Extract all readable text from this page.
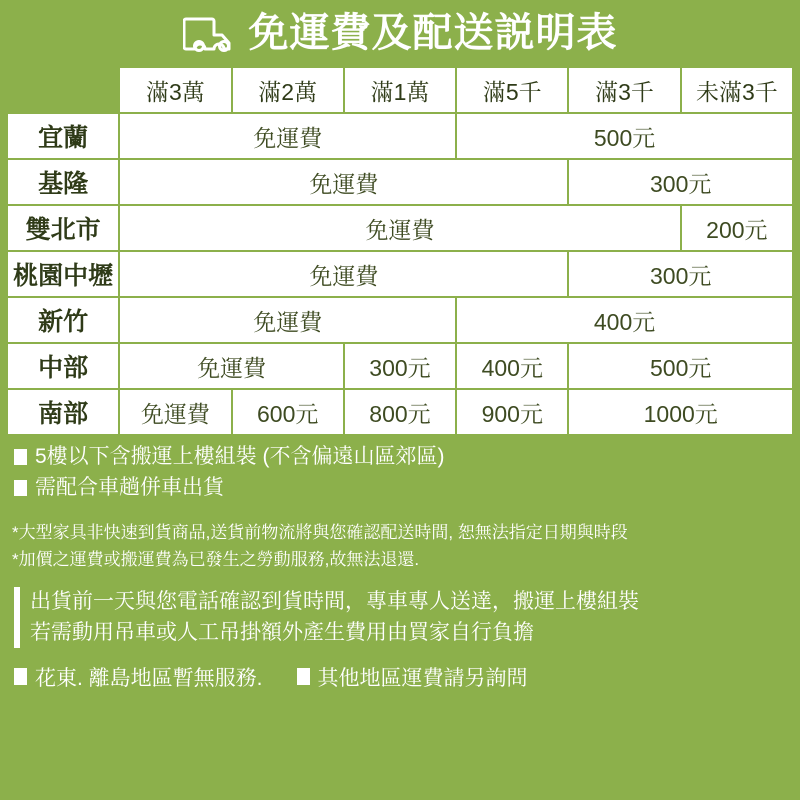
免運費及配送説明表
	滿3萬	滿2萬	滿1萬	滿5千	滿3千	未滿3千
宜蘭	免運費			500元		
基隆	免運費				300元	
雙北市	免運費					200元
桃園中壢	免運費				300元	
新竹	免運費			400元		
中部	免運費		300元	400元	500元	
南部	免運費	600元	800元	900元	1000元	
5樓以下含搬運上樓組裝 (不含偏遠山區郊區)
需配合車趟併車出貨
*大型家具非快速到貨商品,送貨前物流將與您確認配送時間, 恕無法指定日期與時段
*加價之運費或搬運費為已發生之勞動服務,故無法退還.
出貨前一天與您電話確認到貨時間，專車專人送達，搬運上樓組裝
若需動用吊車或人工吊掛額外產生費用由買家自行負擔
花東. 離島地區暫無服務.	其他地區運費請另詢問
